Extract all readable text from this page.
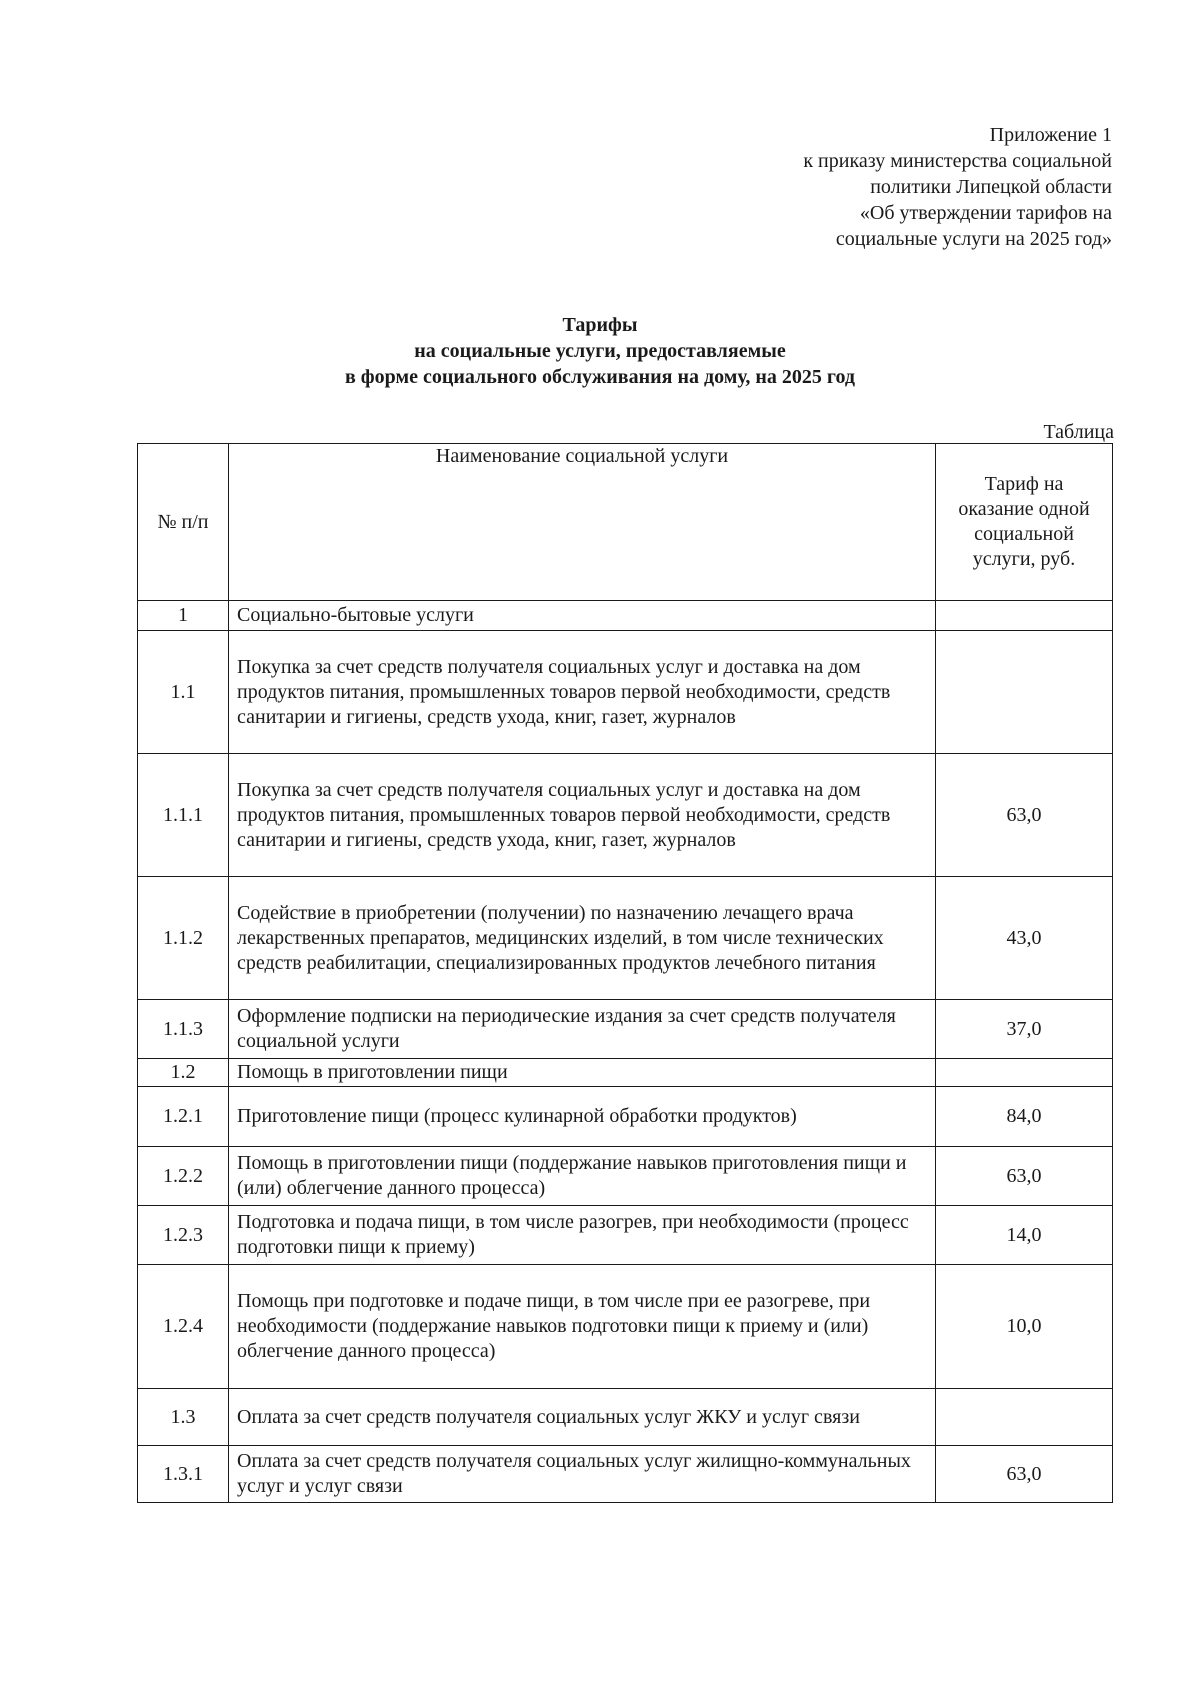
Приложение 1
к приказу министерства социальной
политики Липецкой области
«Об утверждении тарифов на
социальные услуги на 2025 год»
Тарифы
на социальные услуги, предоставляемые
в форме социального обслуживания на дому, на 2025 год
Таблица
№ п/п	Наименование социальной услуги	Тариф на
оказание одной
социальной
услуги, руб.

1	Социально-бытовые услуги	
1.1	Покупка за счет средств получателя социальных услуг и доставка на дом продуктов питания, промышленных товаров первой необходимости, средств санитарии и гигиены, средств ухода, книг, газет, журналов	
1.1.1	Покупка за счет средств получателя социальных услуг и доставка на дом продуктов питания, промышленных товаров первой необходимости, средств санитарии и гигиены, средств ухода, книг, газет, журналов	63,0
1.1.2	Содействие в приобретении (получении) по назначению лечащего врача лекарственных препаратов, медицинских изделий, в том числе технических средств реабилитации, специализированных продуктов лечебного питания	43,0
1.1.3	Оформление подписки на периодические издания за счет средств получателя социальной услуги	37,0
1.2	Помощь в приготовлении пищи	
1.2.1	Приготовление пищи (процесс кулинарной обработки продуктов)	84,0
1.2.2	Помощь в приготовлении пищи (поддержание навыков приготовления пищи и (или) облегчение данного процесса)	63,0
1.2.3	Подготовка и подача пищи, в том числе разогрев, при необходимости (процесс подготовки пищи к приему)	14,0
1.2.4	Помощь при подготовке и подаче пищи, в том числе при ее разогреве, при необходимости (поддержание навыков подготовки пищи к приему и (или) облегчение данного процесса)	10,0
1.3	Оплата за счет средств получателя социальных услуг ЖКУ и услуг связи	
1.3.1	Оплата за счет средств получателя социальных услуг жилищно-коммунальных услуг и услуг связи	63,0
